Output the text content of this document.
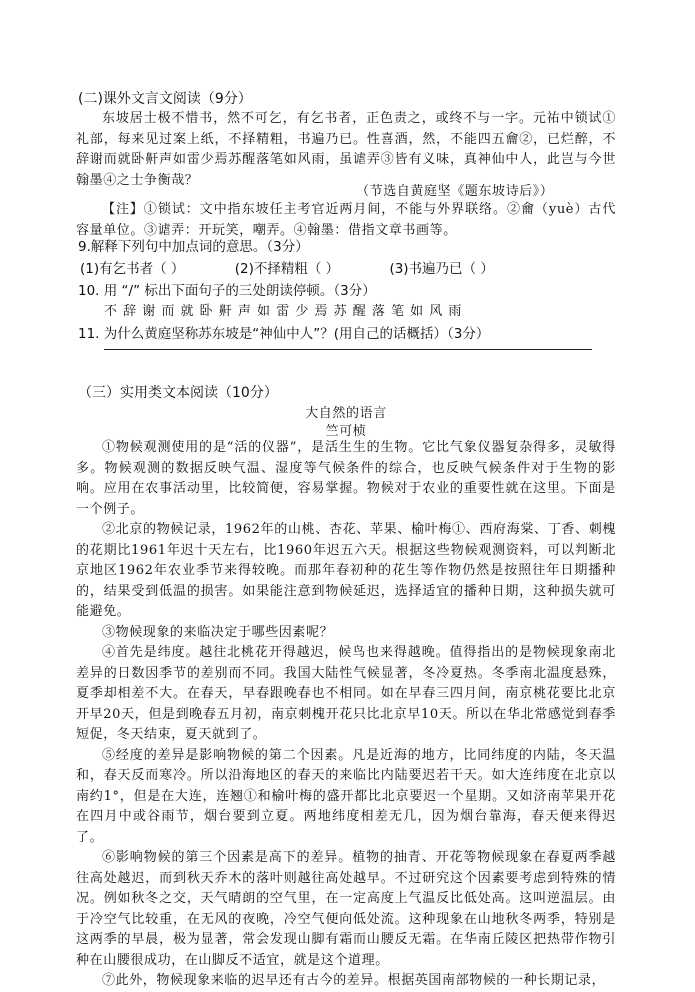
(二)课外文言文阅读（9分）

东坡居士极不惜书，然不可乞，有乞书者，正色责之，或终不与一字。元祐中锁试①礼部，每来见过案上纸，不择精粗，书遍乃已。性喜酒，然，不能四五龠②，已烂醉，不辞谢而就卧鼾声如雷少焉苏醒落笔如风雨，虽谑弄③皆有义味，真神仙中人，此岂与今世翰墨④之士争衡哉？

（节选自黄庭坚《题东坡诗后》）

【注】①锁试：文中指东坡任主考官近两月间，不能与外界联络。②龠（yuè）古代容量单位。③谑弄：开玩笑，嘲弄。④翰墨：借指文章书画等。

9.解释下列句中加点词的意思。（3分）
(1)有乞书者（ ）	(2)不择精粗（ ）	(3)书遍乃已（ ）
10. 用 “/” 标出下面句子的三处朗读停顿。（3分）
不 辞 谢 而 就 卧 鼾 声 如 雷 少 焉 苏 醒 落 笔 如 风 雨
11. 为什么黄庭坚称苏东坡是“神仙中人”？(用自己的话概括）（3分）
（三）实用类文本阅读（10分）
大自然的语言
竺可桢

①物候观测使用的是“活的仪器”，是活生生的生物。它比气象仪器复杂得多，灵敏得多。物候观测的数据反映气温、湿度等气候条件的综合，也反映气候条件对于生物的影响。应用在农事活动里，比较简便，容易掌握。物候对于农业的重要性就在这里。下面是一个例子。

②北京的物候记录，1962年的山桃、杏花、苹果、榆叶梅①、西府海棠、丁香、刺槐的花期比1961年迟十天左右，比1960年迟五六天。根据这些物候观测资料，可以判断北京地区1962年农业季节来得较晚。而那年春初种的花生等作物仍然是按照往年日期播种的，结果受到低温的损害。如果能注意到物候延迟，选择适宜的播种日期，这种损失就可能避免。

③物候现象的来临决定于哪些因素呢？

④首先是纬度。越往北桃花开得越迟，候鸟也来得越晚。值得指出的是物候现象南北差异的日数因季节的差别而不同。我国大陆性气候显著，冬冷夏热。冬季南北温度悬殊，夏季却相差不大。在春天，早春跟晚春也不相同。如在早春三四月间，南京桃花要比北京开早20天，但是到晚春五月初，南京刺槐开花只比北京早10天。所以在华北常感觉到春季短促，冬天结束，夏天就到了。

⑤经度的差异是影响物候的第二个因素。凡是近海的地方，比同纬度的内陆，冬天温和，春天反而寒冷。所以沿海地区的春天的来临比内陆要迟若干天。如大连纬度在北京以南约1°，但是在大连，连翘①和榆叶梅的盛开都比北京要迟一个星期。又如济南苹果开花在四月中或谷雨节，烟台要到立夏。两地纬度相差无几，因为烟台靠海，春天便来得迟了。

⑥影响物候的第三个因素是高下的差异。植物的抽青、开花等物候现象在春夏两季越往高处越迟，而到秋天乔木的落叶则越往高处越早。不过研究这个因素要考虑到特殊的情况。例如秋冬之交，天气晴朗的空气里，在一定高度上气温反比低处高。这叫逆温层。由于冷空气比较重，在无风的夜晚，冷空气便向低处流。这种现象在山地秋冬两季，特别是这两季的早晨，极为显著，常会发现山脚有霜而山腰反无霜。在华南丘陵区把热带作物引种在山腰很成功，在山脚反不适宜，就是这个道理。

⑦此外，物候现象来临的迟早还有古今的差异。根据英国南部物候的一种长期记录，
